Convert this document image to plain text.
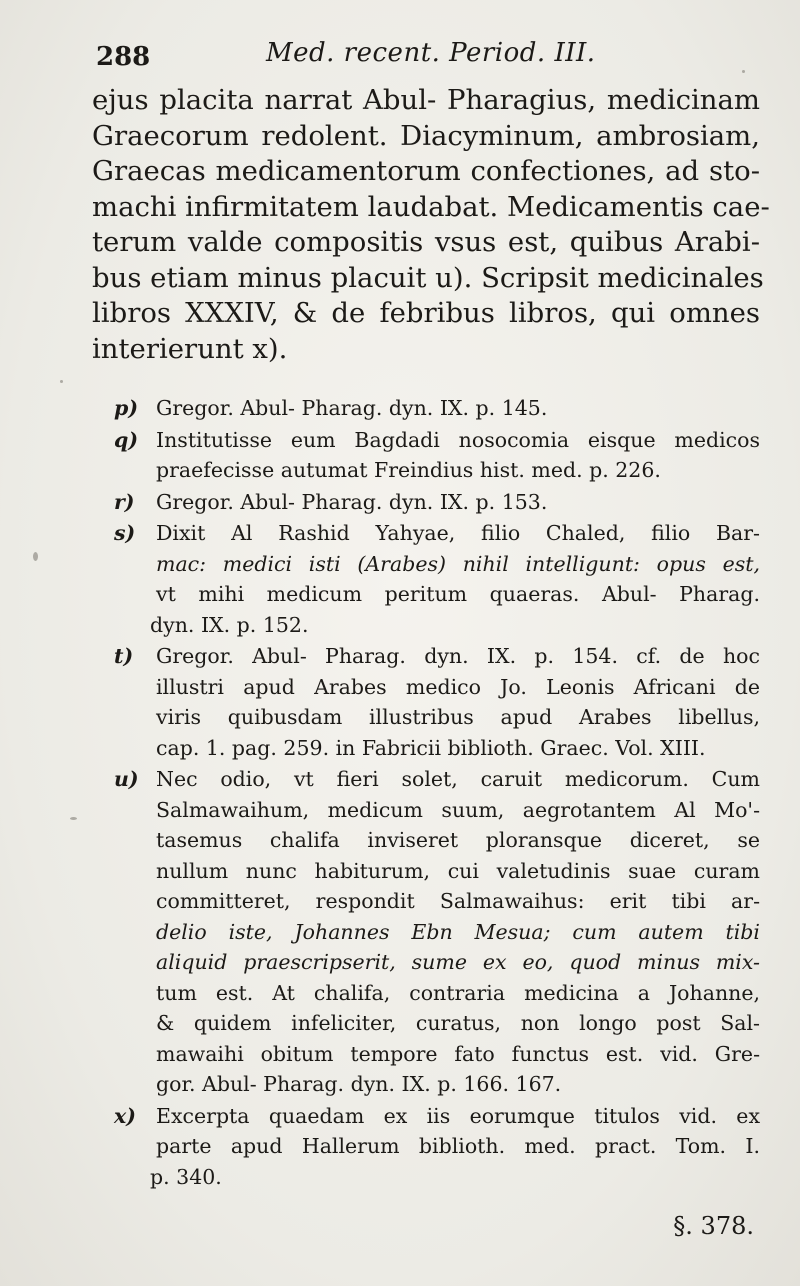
288	Med. recent. Period. III.
ejus placita narrat Abul- Pharagius, medicinam
Graecorum redolent. Diacyminum, ambrosiam,
Graecas medicamentorum confectiones, ad sto-
machi infirmitatem laudabat. Medicamentis cae-
terum valde compositis vsus est, quibus Arabi-
bus etiam minus placuit u). Scripsit medicinales
libros XXXIV, & de febribus libros, qui omnes
interierunt x).
p) Gregor. Abul- Pharag. dyn. IX. p. 145.
q) Institutisse eum Bagdadi nosocomia eisque medicos
praefecisse autumat Freindius hist. med. p. 226.
r) Gregor. Abul- Pharag. dyn. IX. p. 153.
s) Dixit Al Rashid Yahyae, filio Chaled, filio Bar-
mac: medici isti (Arabes) nihil intelligunt: opus est,
vt mihi medicum peritum quaeras. Abul- Pharag.
dyn. IX. p. 152.
t) Gregor. Abul- Pharag. dyn. IX. p. 154. cf. de hoc
illustri apud Arabes medico Jo. Leonis Africani de
viris quibusdam illustribus apud Arabes libellus,
cap. 1. pag. 259. in Fabricii biblioth. Graec. Vol. XIII.
u) Nec odio, vt fieri solet, caruit medicorum. Cum
Salmawaihum, medicum suum, aegrotantem Al Mo'-
tasemus chalifa inviseret ploransque diceret, se
nullum nunc habiturum, cui valetudinis suae curam
committeret, respondit Salmawaihus: erit tibi ar-
delio iste, Johannes Ebn Mesua; cum autem tibi
aliquid praescripserit, sume ex eo, quod minus mix-
tum est. At chalifa, contraria medicina a Johanne,
& quidem infeliciter, curatus, non longo post Sal-
mawaihi obitum tempore fato functus est. vid. Gre-
gor. Abul- Pharag. dyn. IX. p. 166. 167.
x) Excerpta quaedam ex iis eorumque titulos vid. ex
parte apud Hallerum biblioth. med. pract. Tom. I.
p. 340.
§. 378.
